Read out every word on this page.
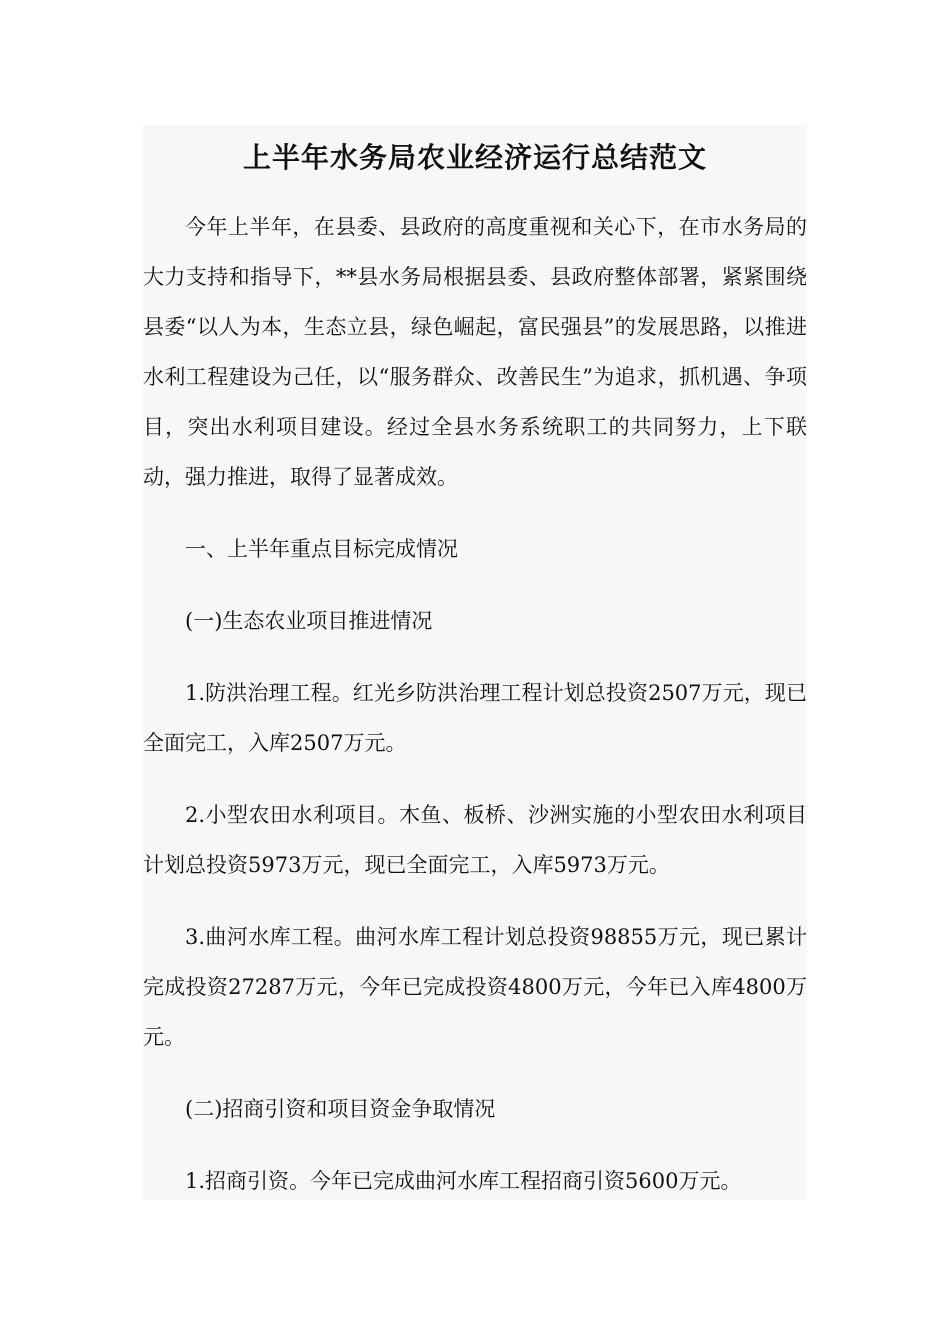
上半年水务局农业经济运行总结范文

今年上半年，在县委、县政府的高度重视和关心下，在市水务局的大力支持和指导下，**县水务局根据县委、县政府整体部署，紧紧围绕县委“以人为本，生态立县，绿色崛起，富民强县”的发展思路，以推进水利工程建设为己任，以“服务群众、改善民生”为追求，抓机遇、争项目，突出水利项目建设。经过全县水务系统职工的共同努力，上下联动，强力推进，取得了显著成效。

一、上半年重点目标完成情况

(一)生态农业项目推进情况

1.防洪治理工程。红光乡防洪治理工程计划总投资2507万元，现已全面完工，入库2507万元。

2.小型农田水利项目。木鱼、板桥、沙洲实施的小型农田水利项目计划总投资5973万元，现已全面完工，入库5973万元。

3.曲河水库工程。曲河水库工程计划总投资98855万元，现已累计完成投资27287万元，今年已完成投资4800万元，今年已入库4800万元。

(二)招商引资和项目资金争取情况

1.招商引资。今年已完成曲河水库工程招商引资5600万元。
